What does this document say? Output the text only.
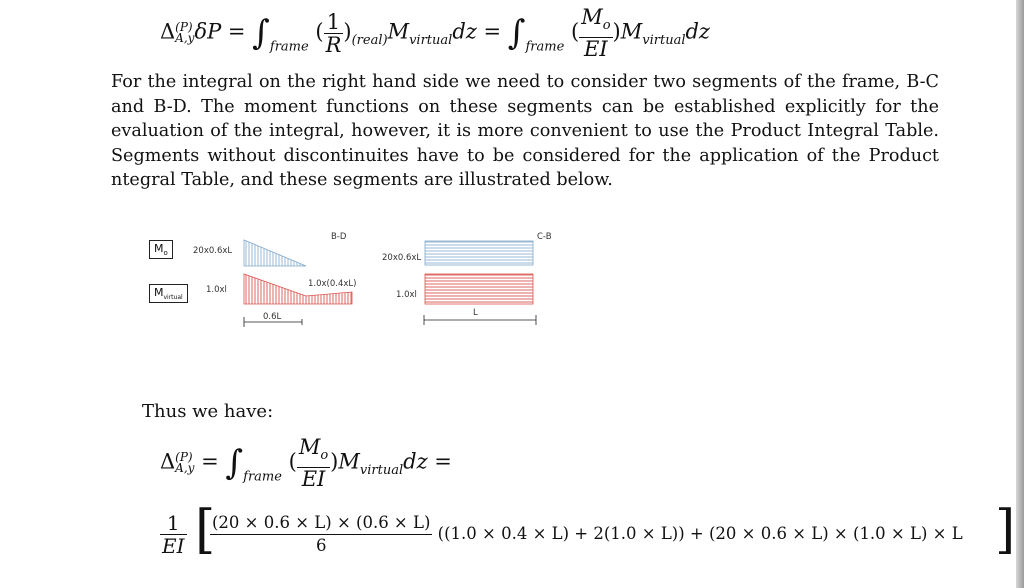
Δ (P)
A,y $\delta P = \int_{frame}$ ( $\frac{1}{R} )_{(real)}M_{virtual}dz = \int_{frame}$ ( $\frac{M_o}{EI} )M_{virtual}dz$

For the integral on the right hand side we need to consider two segments of the frame, B-C and B-D. The moment functions on these segments can be established explicitly for the evaluation of the integral, however, it is more convenient to use the Product Integral Table. Segments without discontinuites have to be considered for the application of the Product ntegral Table, and these segments are illustrated below.

$M_o$
$M_{virtual}$
B-D	C-B
20x0.6xL
1.0xl
1.0x(0.4xL)
0.6L
20x0.6xL
1.0xl
L
Thus we have:
Δ (P)
$A,y = \int_{frame}$ ( $\frac{M_o}{EI} )M_{virtual}dz$ =
$\frac{1}{EI}$ [
$\frac{(20 \times 0.6 \times L) \times (0.6 \times L)}{6} ((1.0 \times 0.4 \times L) + 2(1.0 \times L)) + (20 \times 0.6 \times L) \times (1.0 \times L) \times L$ ]
